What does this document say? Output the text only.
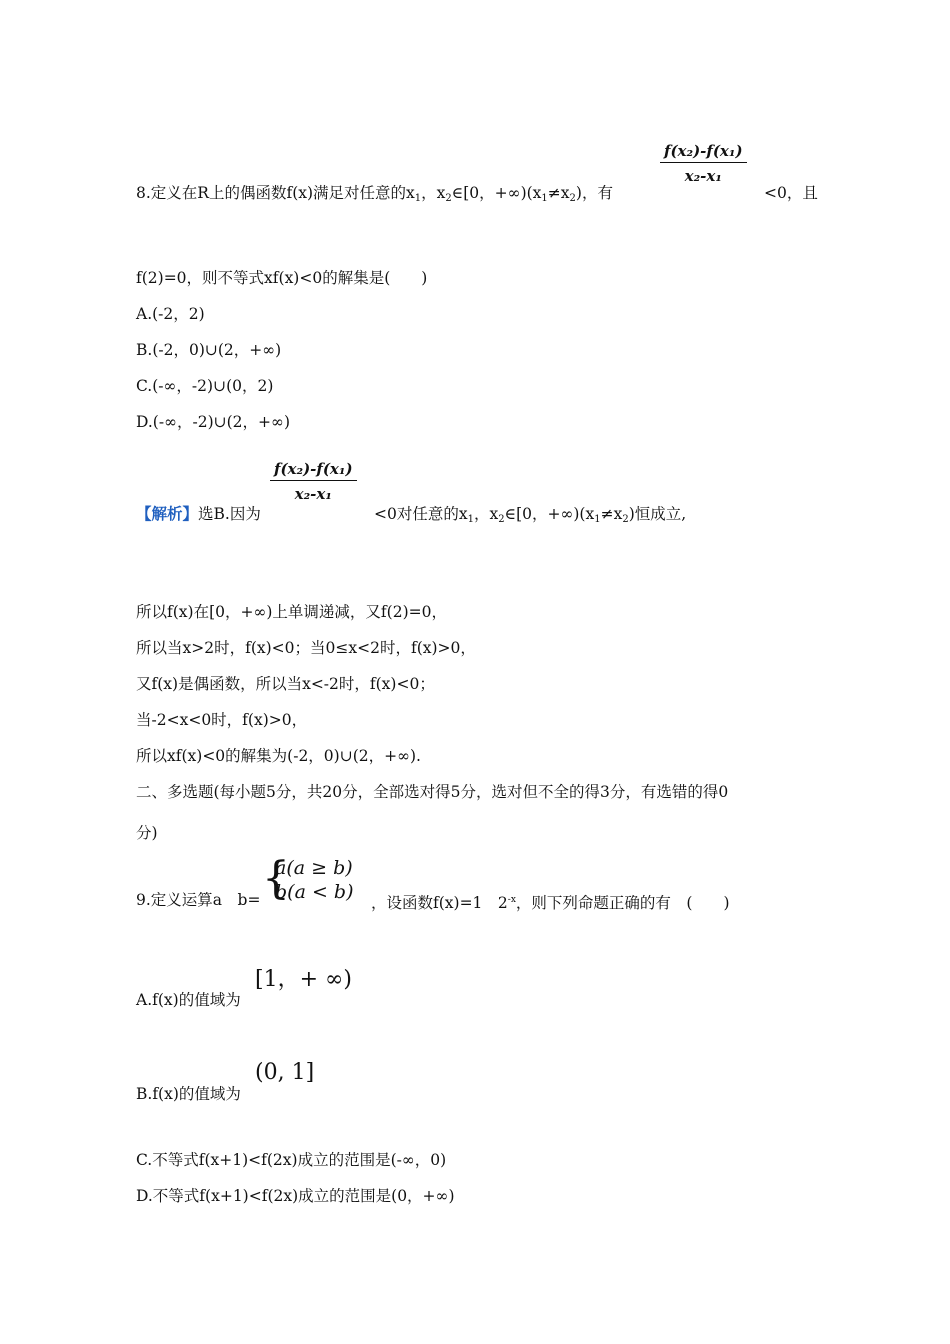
$\frac{\text{f(x₂)-f(x₁)}}{\text{x₂-x₁}}$
8.定义在R上的偶函数f(x)满足对任意的$x_1$，$x_2\in[0$，$+\infty)(x_1\ne x_2)$，有	<0，且
f(2)=0，则不等式xf(x)<0的解集是(　　)
A.(-2，2)
B.(-2，0)∪(2，+∞)
C.(-∞，-2)∪(0，2)
D.(-∞，-2)∪(2，+∞)
$\frac{\text{f(x₂)-f(x₁)}}{\text{x₂-x₁}}$
【解析】选B.因为	<0对任意的$x_1$，$x_2\in[0$，$+\infty)(x_1\ne x_2)$恒成立,
所以f(x)在[0，+∞)上单调递减，又f(2)=0，
所以当x>2时，f(x)<0；当0≤x<2时，f(x)>0，
又f(x)是偶函数，所以当x<-2时，f(x)<0；
当-2<x<0时，f(x)>0，
所以xf(x)<0的解集为(-2，0)∪(2，+∞).
二、多选题(每小题5分，共20分，全部选对得5分，选对但不全的得3分，有选错的得0
分)
{
a(a ≥ b)
b(a < b)
9.定义运算a　b=	，设函数f(x)=1　$2^{-x}$，则下列命题正确的有　(　　)
[1，+ ∞)
A.f(x)的值域为
(0, 1]
B.f(x)的值域为
C.不等式f(x+1)<f(2x)成立的范围是(-∞，0)
D.不等式f(x+1)<f(2x)成立的范围是(0，+∞)
